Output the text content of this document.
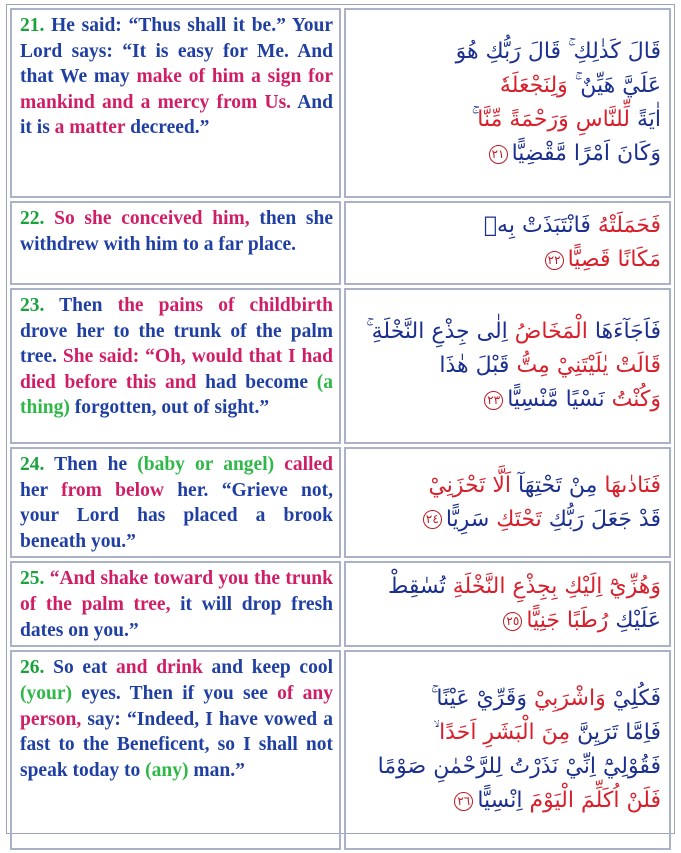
21. He said: “Thus shall it be.” Your Lord says: “It is easy for Me. And that We may make of him a sign for mankind and a mercy from Us. And it is a matter decreed.”	قَالَ كَذٰلِكِ ۚ قَالَ رَبُّكِ هُوَ
عَلَيَّ هَيِّنٌ ۚ وَلِنَجْعَلَهٗ
اٰيَةً لِّلنَّاسِ وَرَحْمَةً مِّنَّا ۚ
وَكَانَ اَمْرًا مَّقْضِيًّا٢١

22. So she conceived him, then she withdrew with him to a far place.	فَحَمَلَتْهُ فَانْتَبَذَتْ بِهٖ
مَكَانًا قَصِيًّا٢٢

23. Then the pains of childbirth drove her to the trunk of the palm tree. She said: “Oh, would that I had died before this and had become (a thing) forgotten, out of sight.”	فَاَجَآءَهَا الْمَخَاضُ اِلٰى جِذْعِ النَّخْلَةِ ۚ
قَالَتْ يٰلَيْتَنِيْ مِتُّ قَبْلَ هٰذَا
وَكُنْتُ نَسْيًا مَّنْسِيًّا٢٣

24. Then he (baby or angel) called her from below her. “Grieve not, your Lord has placed a brook beneath you.”	فَنَادٰىهَا مِنْ تَحْتِهَآ اَلَّا تَحْزَنِيْ
قَدْ جَعَلَ رَبُّكِ تَحْتَكِ سَرِيًّا٢٤

25. “And shake toward you the trunk of the palm tree, it will drop fresh dates on you.”	وَهُزِّيْٓ اِلَيْكِ بِجِذْعِ النَّخْلَةِ تُسٰقِطْ
عَلَيْكِ رُطَبًا جَنِيًّا٢٥

26. So eat and drink and keep cool (your) eyes. Then if you see of any person, say: “Indeed, I have vowed a fast to the Beneficent, so I shall not speak today to (any) man.”	فَكُلِيْ وَاشْرَبِيْ وَقَرِّيْ عَيْنًا ۚ
فَاِمَّا تَرَيِنَّ مِنَ الْبَشَرِ اَحَدًا ۙ
فَقُوْلِيْٓ اِنِّيْ نَذَرْتُ لِلرَّحْمٰنِ صَوْمًا
فَلَنْ اُكَلِّمَ الْيَوْمَ اِنْسِيًّا٢٦
